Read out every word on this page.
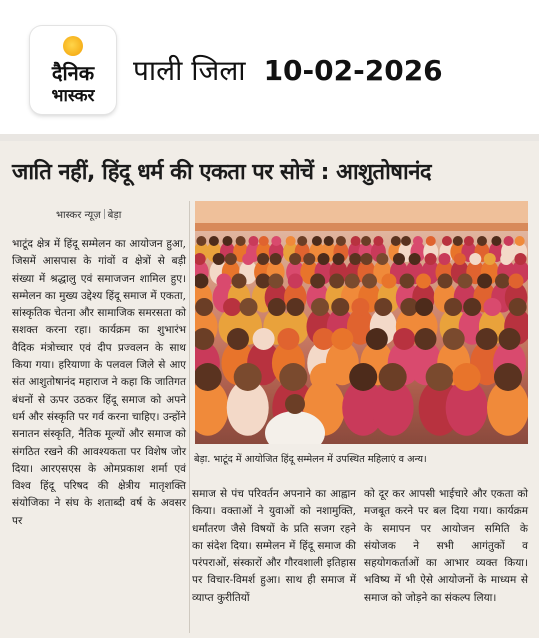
दैनिक
भास्कर
पाली जिला 10-02-2026
जाति नहीं, हिंदू धर्म की एकता पर सोचें : आशुतोषानंद
भास्कर न्यूज़ बेड़ा

भाटूंद क्षेत्र में हिंदू सम्मेलन का आयोजन हुआ, जिसमें आसपास के गांवों व क्षेत्रों से बड़ी संख्या में श्रद्धालु एवं समाजजन शामिल हुए। सम्मेलन का मुख्य उद्देश्य हिंदू समाज में एकता, सांस्कृतिक चेतना और सामाजिक समरसता को सशक्त करना रहा। कार्यक्रम का शुभारंभ वैदिक मंत्रोच्चार एवं दीप प्रज्वलन के साथ किया गया। हरियाणा के पलवल जिले से आए संत आशुतोषानंद महाराज ने कहा कि जातिगत बंधनों से ऊपर उठकर हिंदू समाज को अपने धर्म और संस्कृति पर गर्व करना चाहिए। उन्होंने सनातन संस्कृति, नैतिक मूल्यों और समाज को संगठित रखने की आवश्यकता पर विशेष जोर दिया। आरएसएस के ओमप्रकाश शर्मा एवं विश्व हिंदू परिषद की क्षेत्रीय मातृशक्ति संयोजिका ने संघ के शताब्दी वर्ष के अवसर पर

बेड़ा. भाटूंद में आयोजित हिंदू सम्मेलन में उपस्थित महिलाएं व अन्य।

समाज से पंच परिवर्तन अपनाने का आह्वान किया। वक्ताओं ने युवाओं को नशामुक्ति, धर्मांतरण जैसे विषयों के प्रति सजग रहने का संदेश दिया। सम्मेलन में हिंदू समाज की परंपराओं, संस्कारों और गौरवशाली इतिहास पर विचार-विमर्श हुआ। साथ ही समाज में व्याप्त कुरीतियों

को दूर कर आपसी भाईचारे और एकता को मजबूत करने पर बल दिया गया। कार्यक्रम के समापन पर आयोजन समिति के संयोजक ने सभी आगंतुकों व सहयोगकर्ताओं का आभार व्यक्त किया। भविष्य में भी ऐसे आयोजनों के माध्यम से समाज को जोड़ने का संकल्प लिया।
